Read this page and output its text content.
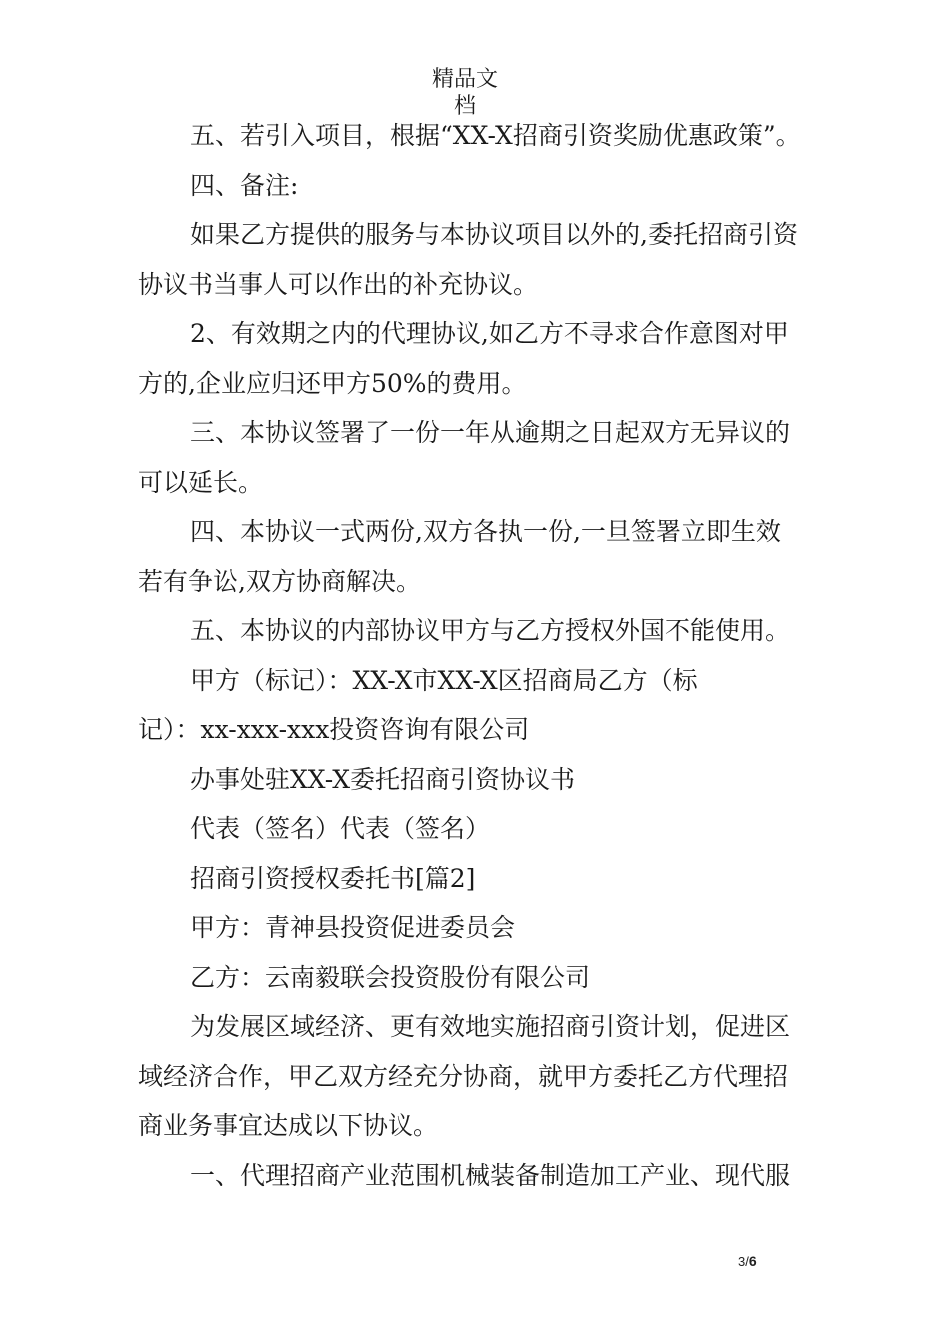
精品文
档
五、若引入项目，根据“XX-X招商引资奖励优惠政策”。
四、备注:
如果乙方提供的服务与本协议项目以外的,委托招商引资
协议书当事人可以作出的补充协议。
2、有效期之内的代理协议,如乙方不寻求合作意图对甲
方的,企业应归还甲方50%的费用。
三、本协议签署了一份一年从逾期之日起双方无异议的
可以延长。
四、本协议一式两份,双方各执一份,一旦签署立即生效
若有争讼,双方协商解决。
五、本协议的内部协议甲方与乙方授权外国不能使用。
甲方（标记）：XX-X市XX-X区招商局乙方（标
记）：xx-xxx-xxx投资咨询有限公司
办事处驻XX-X委托招商引资协议书
代表（签名）代表（签名）
招商引资授权委托书[篇2]
甲方：青神县投资促进委员会
乙方：云南毅联会投资股份有限公司
为发展区域经济、更有效地实施招商引资计划，促进区
域经济合作，甲乙双方经充分协商，就甲方委托乙方代理招
商业务事宜达成以下协议。
一、代理招商产业范围机械装备制造加工产业、现代服
3/6
